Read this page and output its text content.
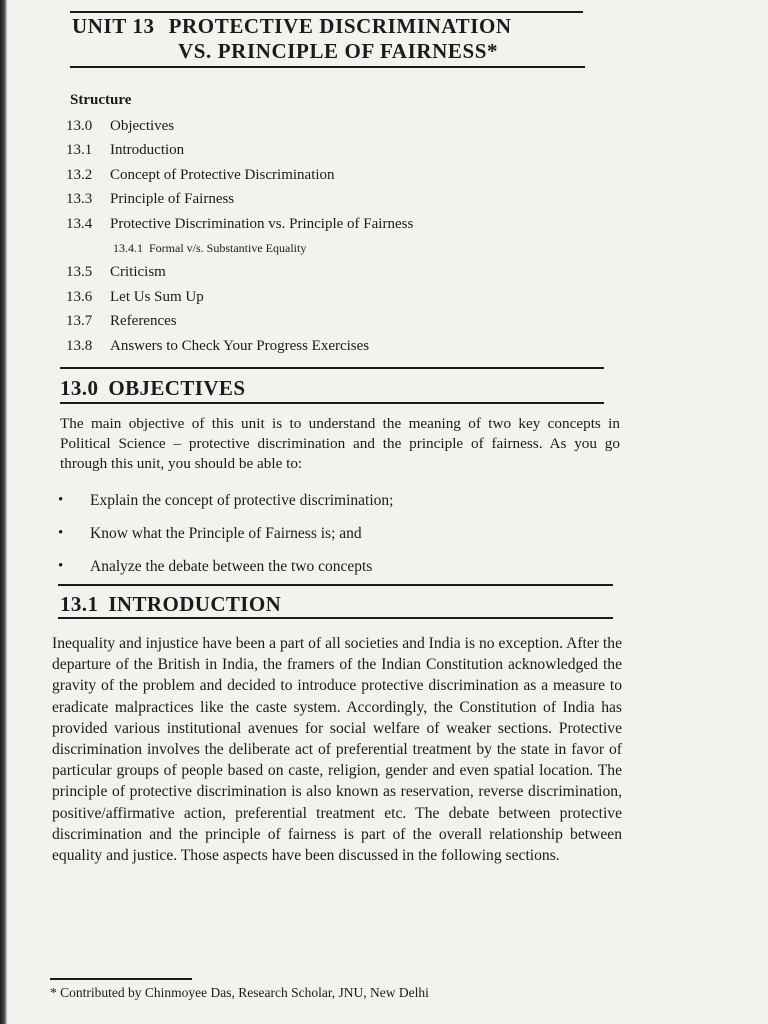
UNIT 13 PROTECTIVE DISCRIMINATION
VS. PRINCIPLE OF FAIRNESS*
Structure
13.0	Objectives
13.1	Introduction
13.2	Concept of Protective Discrimination
13.3	Principle of Fairness
13.4	Protective Discrimination vs. Principle of Fairness
13.4.1 Formal v/s. Substantive Equality
13.5	Criticism
13.6	Let Us Sum Up
13.7	References
13.8	Answers to Check Your Progress Exercises
13.0 OBJECTIVES
The main objective of this unit is to understand the meaning of two key concepts in Political Science – protective discrimination and the principle of fairness. As you go through this unit, you should be able to:
•	Explain the concept of protective discrimination;
•	Know what the Principle of Fairness is; and
•	Analyze the debate between the two concepts
13.1 INTRODUCTION
Inequality and injustice have been a part of all societies and India is no exception. After the departure of the British in India, the framers of the Indian Constitution acknowledged the gravity of the problem and decided to introduce protective discrimination as a measure to eradicate malpractices like the caste system. Accordingly, the Constitution of India has provided various institutional avenues for social welfare of weaker sections. Protective discrimination involves the deliberate act of preferential treatment by the state in favor of particular groups of people based on caste, religion, gender and even spatial location. The principle of protective discrimination is also known as reservation, reverse discrimination, positive/affirmative action, preferential treatment etc. The debate between protective discrimination and the principle of fairness is part of the overall relationship between equality and justice. Those aspects have been discussed in the following sections.
* Contributed by Chinmoyee Das, Research Scholar, JNU, New Delhi
